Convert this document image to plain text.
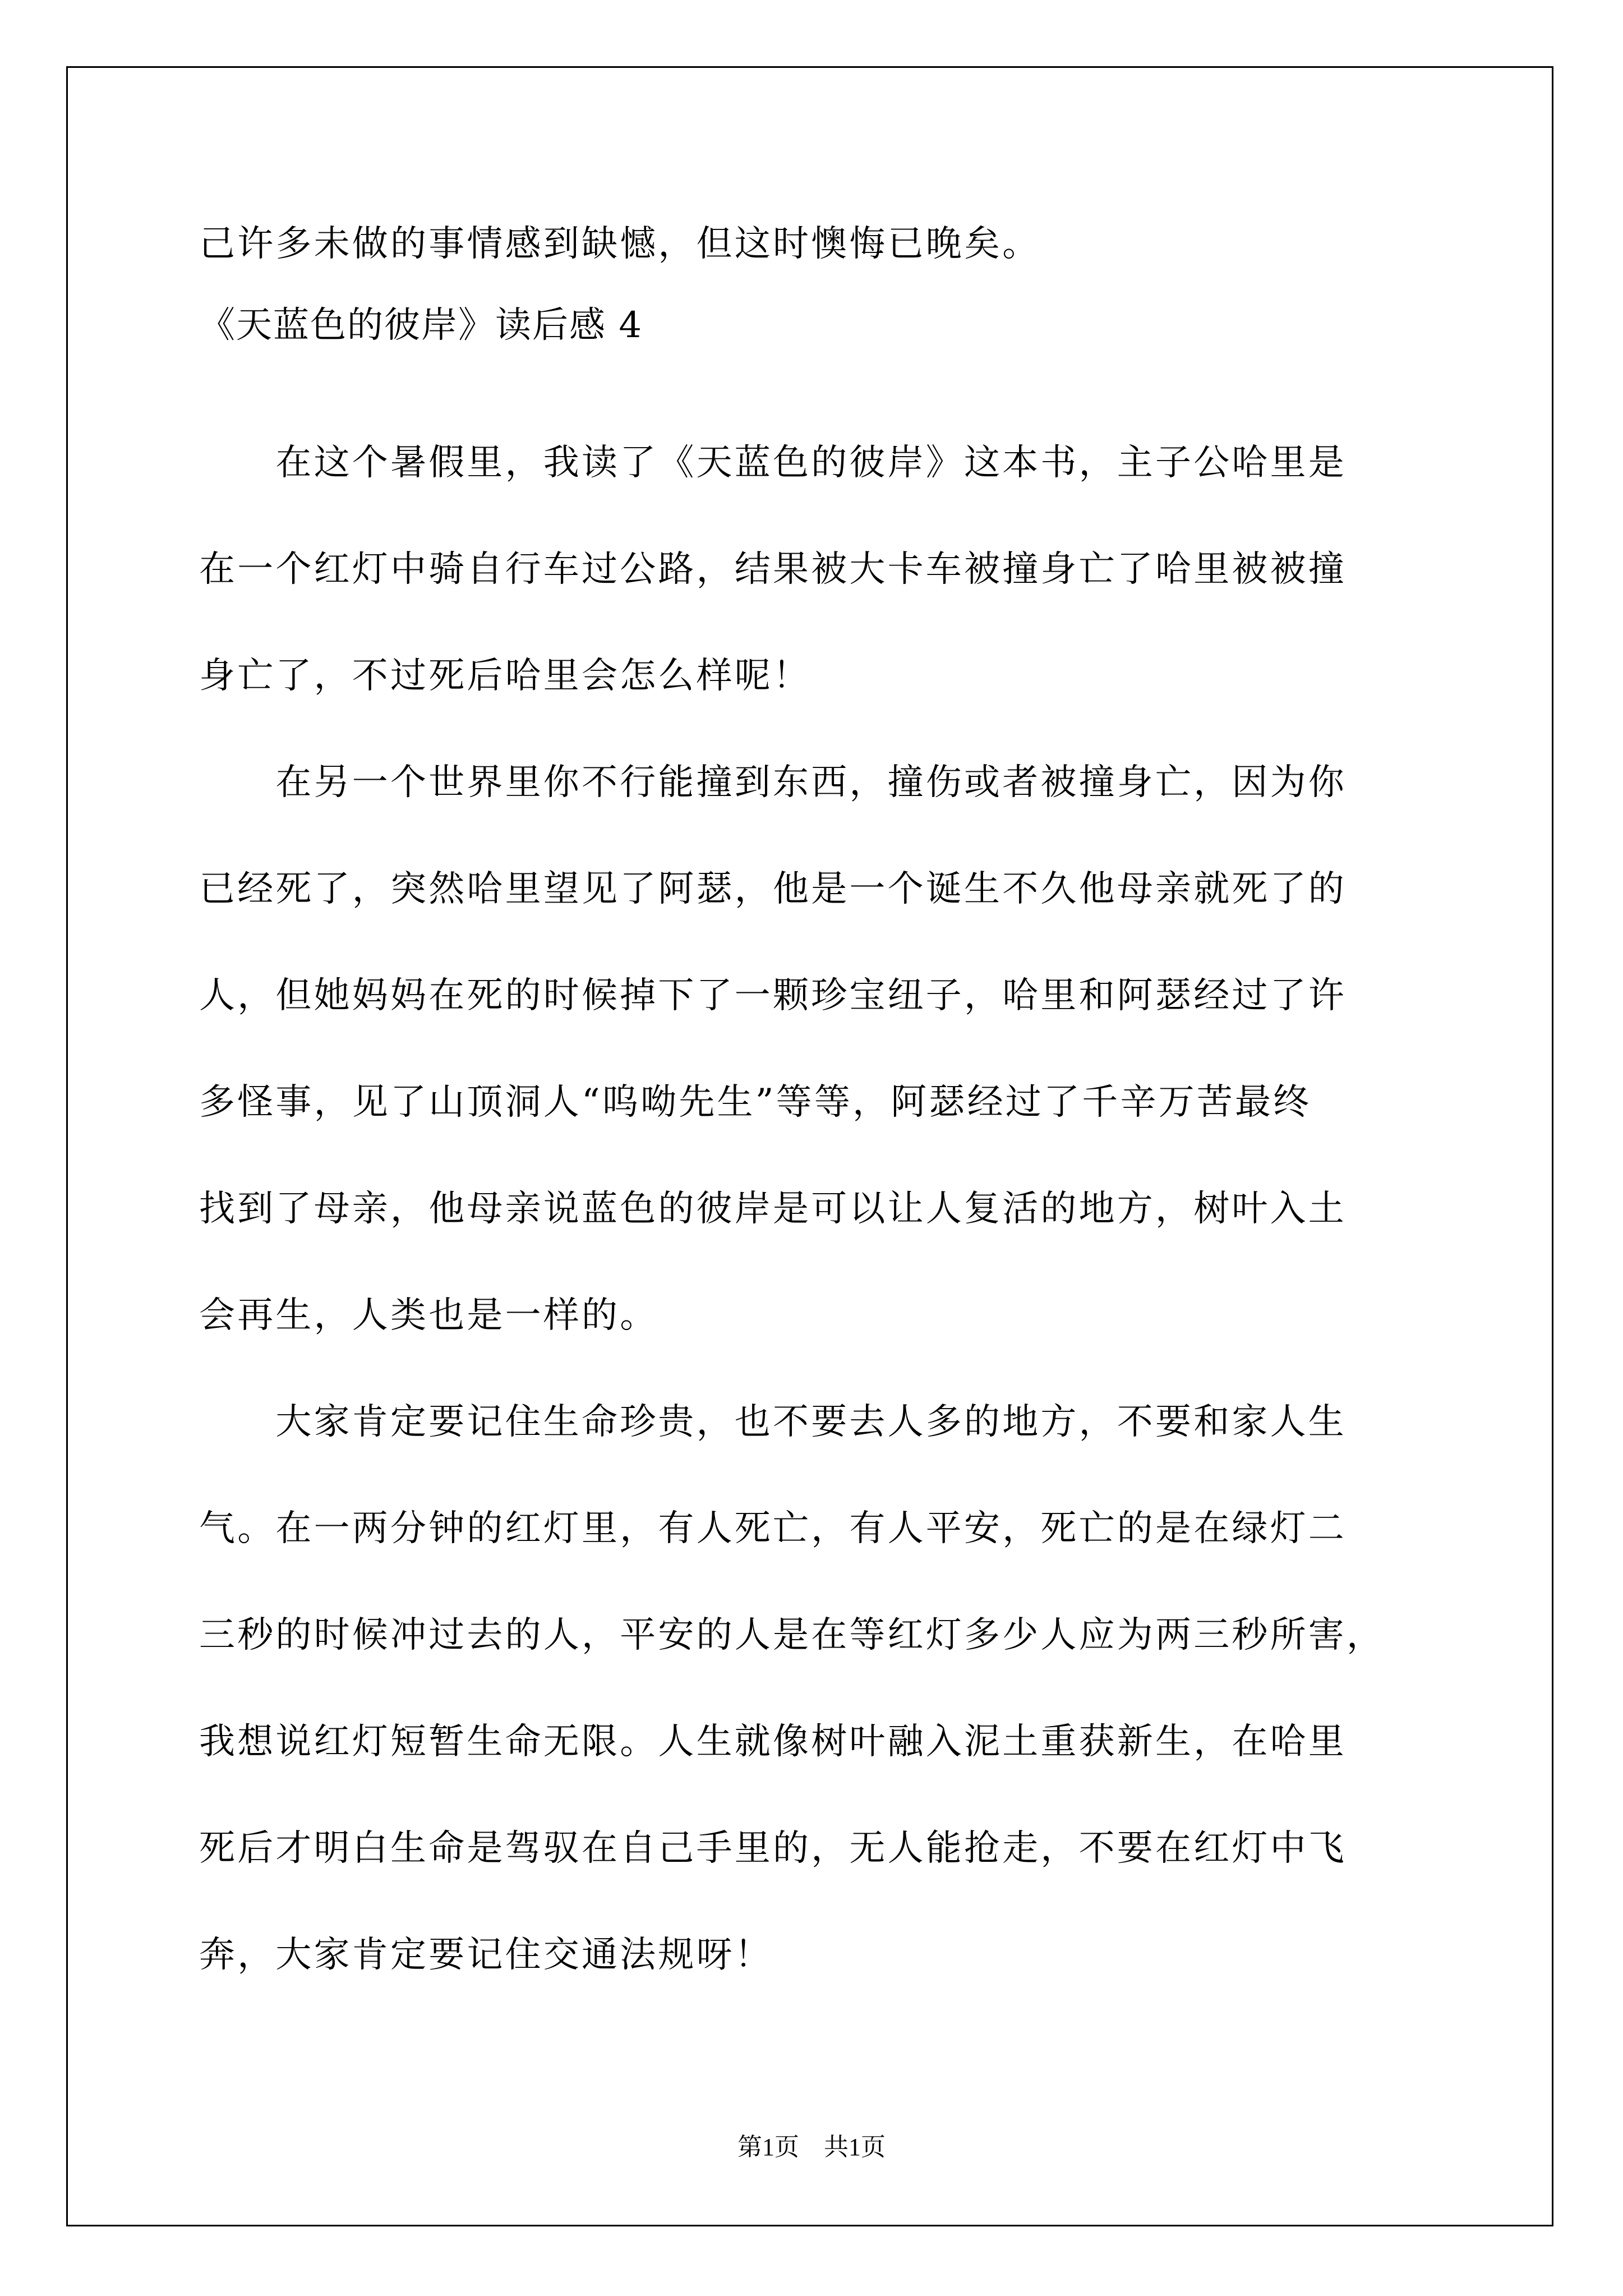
己许多未做的事情感到缺憾，但这时懊悔已晚矣。
《天蓝色的彼岸》读后感 4
　　在这个暑假里，我读了《天蓝色的彼岸》这本书，主子公哈里是
在一个红灯中骑自行车过公路，结果被大卡车被撞身亡了哈里被被撞
身亡了，不过死后哈里会怎么样呢！
　　在另一个世界里你不行能撞到东西，撞伤或者被撞身亡，因为你
已经死了，突然哈里望见了阿瑟，他是一个诞生不久他母亲就死了的
人，但她妈妈在死的时候掉下了一颗珍宝纽子，哈里和阿瑟经过了许
多怪事，见了山顶洞人“呜呦先生”等等，阿瑟经过了千辛万苦最终
找到了母亲，他母亲说蓝色的彼岸是可以让人复活的地方，树叶入土
会再生，人类也是一样的。
　　大家肯定要记住生命珍贵，也不要去人多的地方，不要和家人生
气。在一两分钟的红灯里，有人死亡，有人平安，死亡的是在绿灯二
三秒的时候冲过去的人，平安的人是在等红灯多少人应为两三秒所害，
我想说红灯短暂生命无限。人生就像树叶融入泥土重获新生，在哈里
死后才明白生命是驾驭在自己手里的，无人能抢走，不要在红灯中飞
奔，大家肯定要记住交通法规呀！
第1页　共1页
